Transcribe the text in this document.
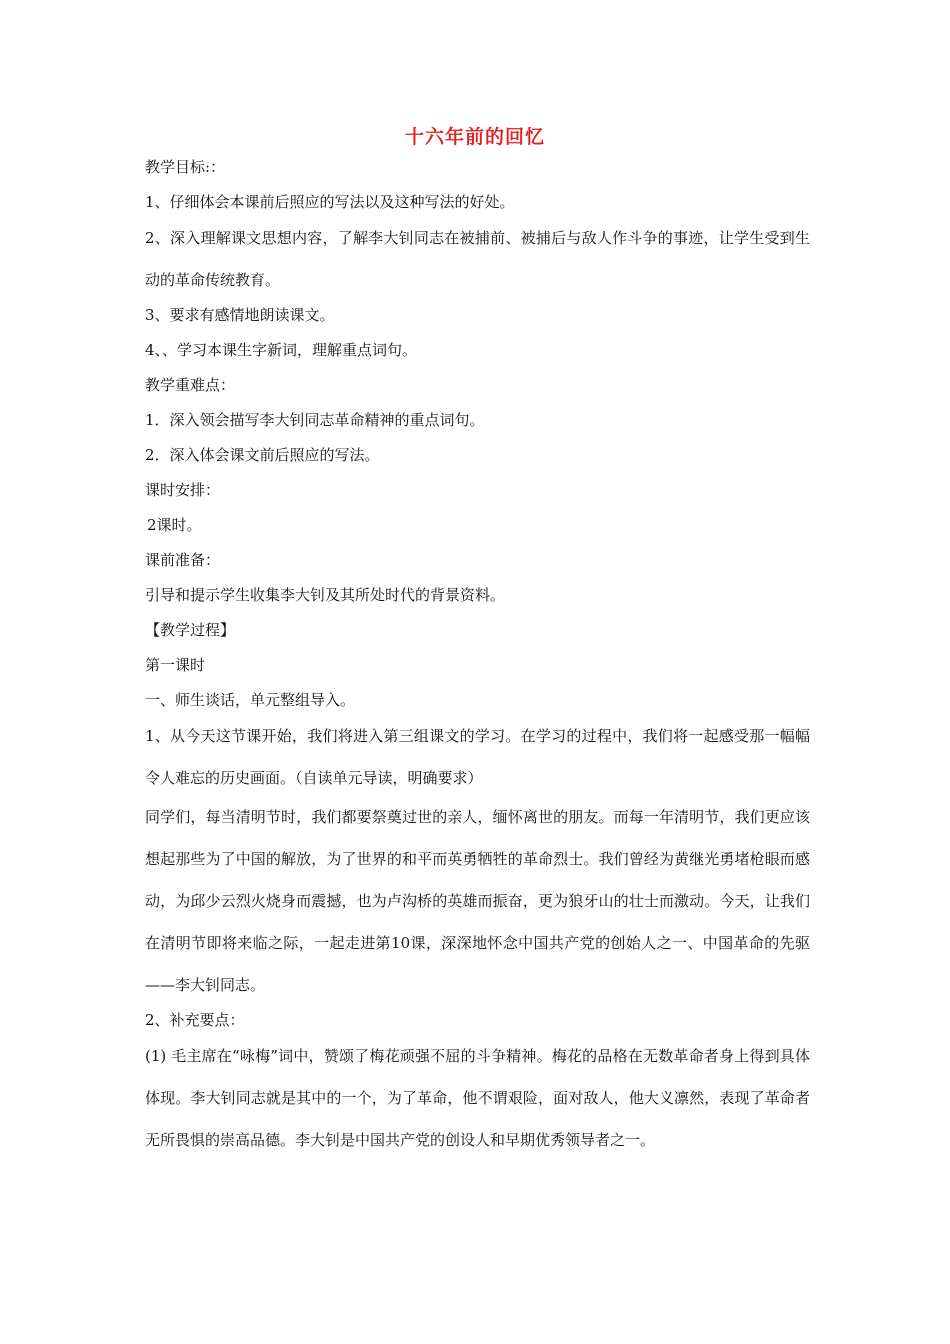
十六年前的回忆

教学目标:：

1、仔细体会本课前后照应的写法以及这种写法的好处。

2、深入理解课文思想内容，了解李大钊同志在被捕前、被捕后与敌人作斗争的事迹，让学生受到生动的革命传统教育。

3、要求有感情地朗读课文。

4、、学习本课生字新词，理解重点词句。

教学重难点：

1．深入领会描写李大钊同志革命精神的重点词句。

2．深入体会课文前后照应的写法。

课时安排：

2课时。

课前准备：

引导和提示学生收集李大钊及其所处时代的背景资料。

【教学过程】

第一课时

一、师生谈话，单元整组导入。

1、从今天这节课开始，我们将进入第三组课文的学习。在学习的过程中，我们将一起感受那一幅幅令人难忘的历史画面。（自读单元导读，明确要求）

同学们，每当清明节时，我们都要祭奠过世的亲人，缅怀离世的朋友。而每一年清明节，我们更应该想起那些为了中国的解放，为了世界的和平而英勇牺牲的革命烈士。我们曾经为黄继光勇堵枪眼而感动，为邱少云烈火烧身而震撼，也为卢沟桥的英雄而振奋，更为狼牙山的壮士而激动。今天，让我们在清明节即将来临之际，一起走进第10课，深深地怀念中国共产党的创始人之一、中国革命的先驱——李大钊同志。

2、补充要点：

(1) 毛主席在“咏梅”词中，赞颂了梅花顽强不屈的斗争精神。梅花的品格在无数革命者身上得到具体体现。李大钊同志就是其中的一个，为了革命，他不谓艰险，面对敌人，他大义凛然，表现了革命者无所畏惧的崇高品德。李大钊是中国共产党的创设人和早期优秀领导者之一。
